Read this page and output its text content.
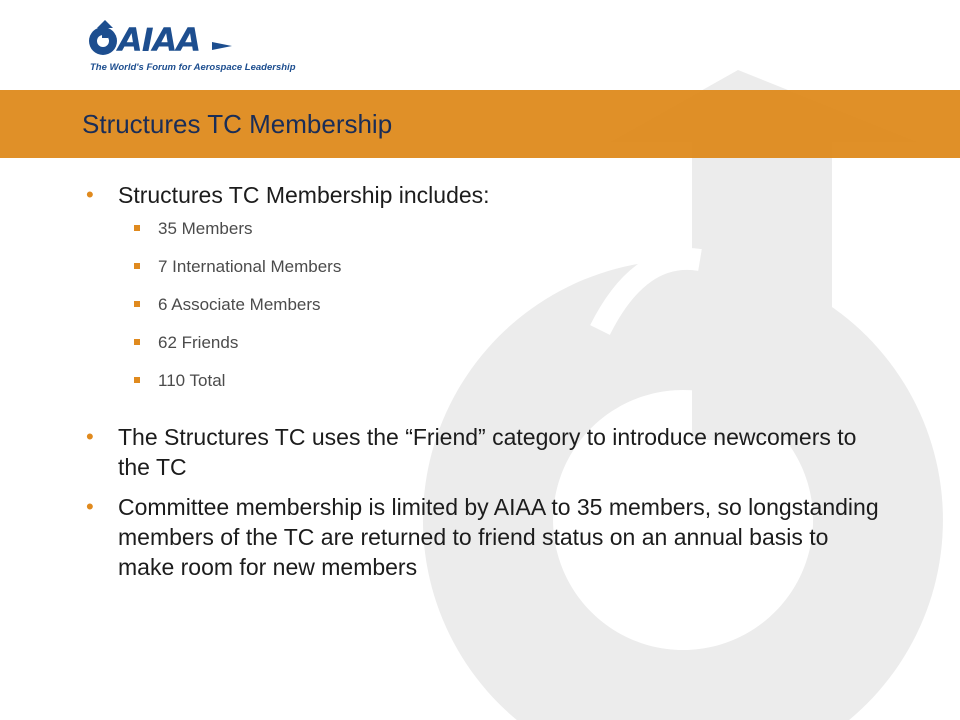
AIAA
The World's Forum for Aerospace Leadership
Structures TC Membership
• Structures TC Membership includes:
35 Members
7 International Members
6 Associate Members
62 Friends
110 Total
• The Structures TC uses the “Friend” category to introduce newcomers to the TC
• Committee membership is limited by AIAA to 35 members, so longstanding members of the TC are returned to friend status on an annual basis to make room for new members
